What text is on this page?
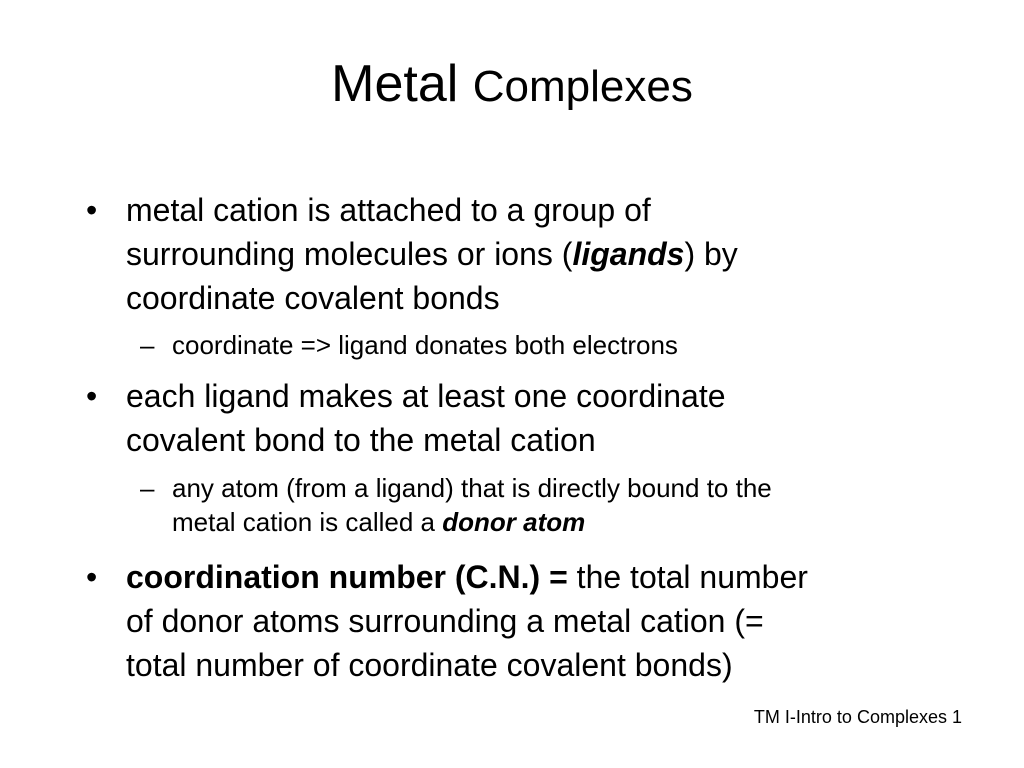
Metal Complexes
• metal cation is attached to a group of
surrounding molecules or ions (ligands) by
coordinate covalent bonds
– coordinate => ligand donates both electrons
• each ligand makes at least one coordinate
covalent bond to the metal cation
– any atom (from a ligand) that is directly bound to the
metal cation is called a donor atom
• coordination number (C.N.) = the total number
of donor atoms surrounding a metal cation (=
total number of coordinate covalent bonds)
TM I-Intro to Complexes 1
